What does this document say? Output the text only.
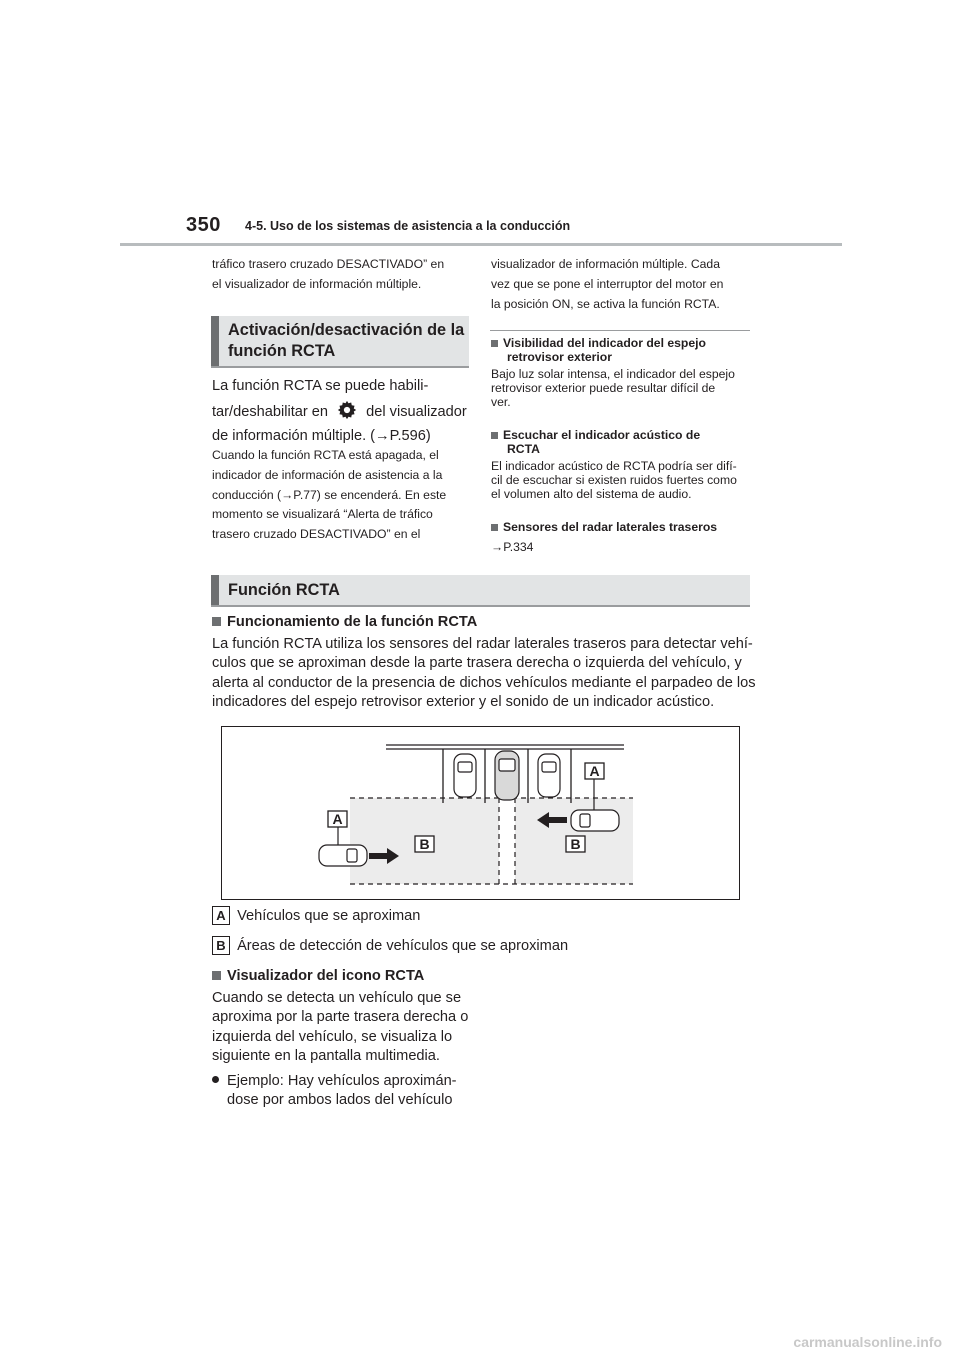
350 4-5. Uso de los sistemas de asistencia a la conducción
tráfico trasero cruzado DESACTIVADO” en
el visualizador de información múltiple.
Activación/desactivación de la
función RCTA
La función RCTA se puede habili-
tar/deshabilitar en	del visualizador
de información múltiple. (→P.596)
Cuando la función RCTA está apagada, el
indicador de información de asistencia a la
conducción (→P.77) se encenderá. En este
momento se visualizará “Alerta de tráfico
trasero cruzado DESACTIVADO” en el
visualizador de información múltiple. Cada
vez que se pone el interruptor del motor en
la posición ON, se activa la función RCTA.
Visibilidad del indicador del espejo
retrovisor exterior
Bajo luz solar intensa, el indicador del espejo
retrovisor exterior puede resultar difícil de
ver.
Escuchar el indicador acústico de
RCTA
El indicador acústico de RCTA podría ser difí-
cil de escuchar si existen ruidos fuertes como
el volumen alto del sistema de audio.
Sensores del radar laterales traseros
→P.334
Función RCTA
Funcionamiento de la función RCTA
La función RCTA utiliza los sensores del radar laterales traseros para detectar vehí-
culos que se aproximan desde la parte trasera derecha o izquierda del vehículo, y
alerta al conductor de la presencia de dichos vehículos mediante el parpadeo de los
indicadores del espejo retrovisor exterior y el sonido de un indicador acústico.
A
B
A
B
A Vehículos que se aproximan
B Áreas de detección de vehículos que se aproximan
Visualizador del icono RCTA
Cuando se detecta un vehículo que se
aproxima por la parte trasera derecha o
izquierda del vehículo, se visualiza lo
siguiente en la pantalla multimedia.
Ejemplo: Hay vehículos aproximán-
dose por ambos lados del vehículo
carmanualsonline.info
